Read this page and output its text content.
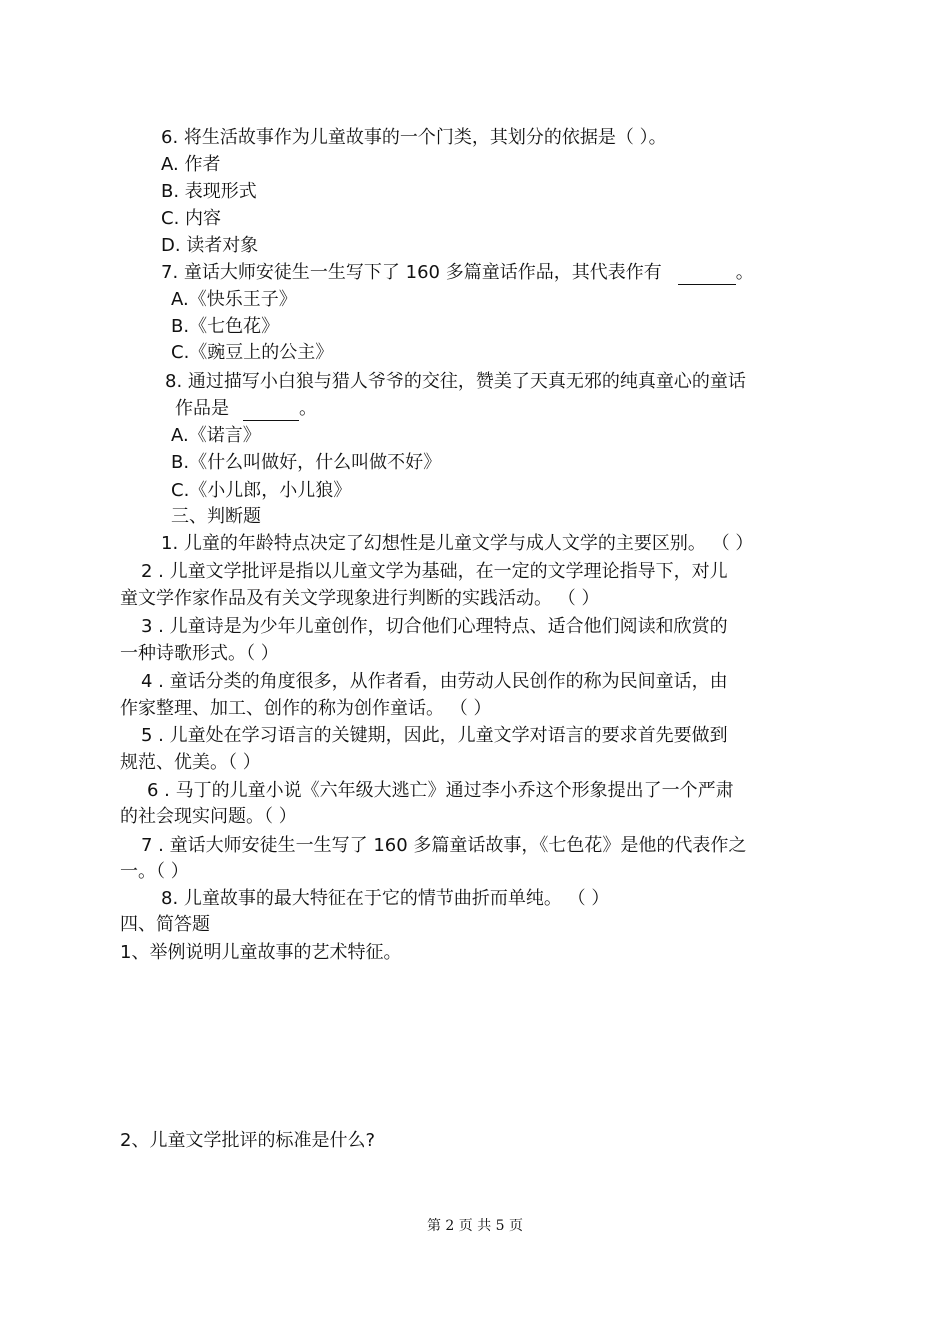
6. 将生活故事作为儿童故事的一个门类，其划分的依据是（ ）。
A. 作者
B. 表现形式
C. 内容
D. 读者对象
7. 童话大师安徒生一生写下了 160 多篇童话作品，其代表作有	。
A.《快乐王子》
B.《七色花》
C.《豌豆上的公主》
8. 通过描写小白狼与猎人爷爷的交往，赞美了天真无邪的纯真童心的童话
作品是	。
A.《诺言》
B.《什么叫做好，什么叫做不好》
C.《小儿郎，小儿狼》
三、判断题
1. 儿童的年龄特点决定了幻想性是儿童文学与成人文学的主要区别。 （ ）
2 . 儿童文学批评是指以儿童文学为基础，在一定的文学理论指导下，对儿
童文学作家作品及有关文学现象进行判断的实践活动。 （ ）
3 . 儿童诗是为少年儿童创作，切合他们心理特点、适合他们阅读和欣赏的
一种诗歌形式。（ ）
4 . 童话分类的角度很多，从作者看，由劳动人民创作的称为民间童话，由
作家整理、加工、创作的称为创作童话。 （ ）
5 . 儿童处在学习语言的关键期，因此，儿童文学对语言的要求首先要做到
规范、优美。（ ）
6 . 马丁的儿童小说《六年级大逃亡》通过李小乔这个形象提出了一个严肃
的社会现实问题。（ ）
7 . 童话大师安徒生一生写了 160 多篇童话故事，《七色花》是他的代表作之
一。（ ）
8. 儿童故事的最大特征在于它的情节曲折而单纯。 （ ）
四、简答题
1、举例说明儿童故事的艺术特征。
2、儿童文学批评的标准是什么?
第 2 页 共 5 页
